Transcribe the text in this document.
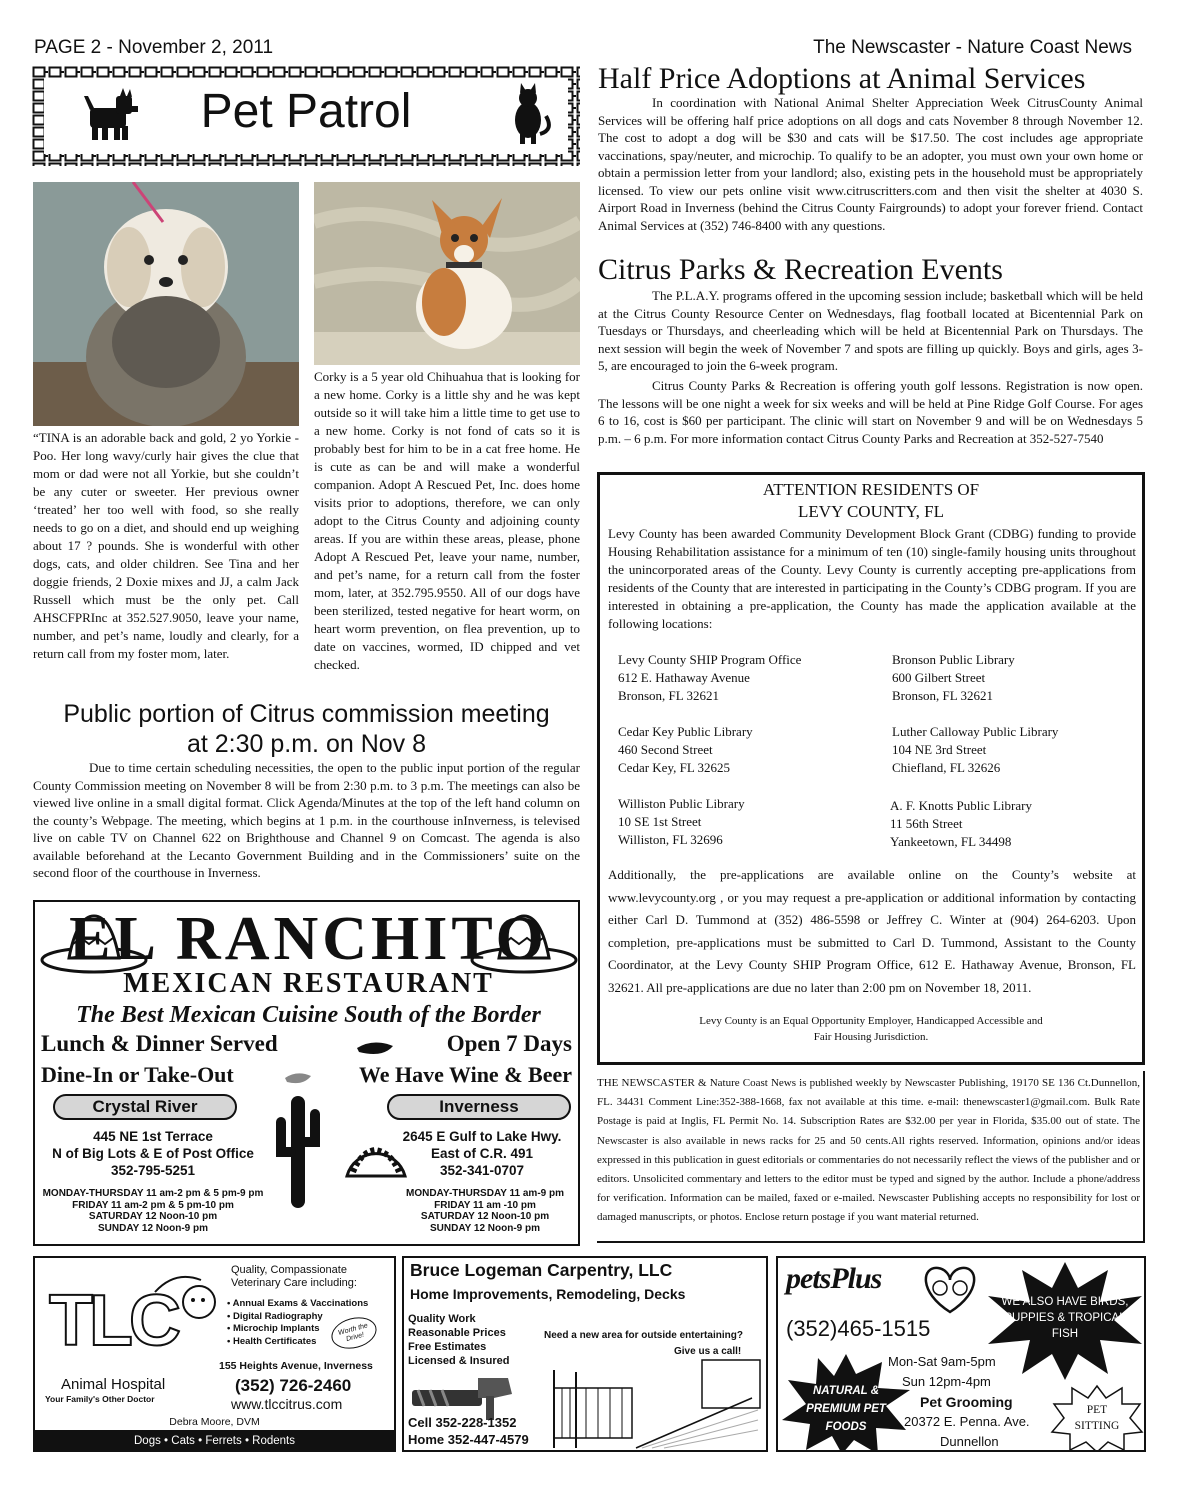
PAGE 2 - November 2, 2011	The Newscaster - Nature Coast News
Pet Patrol

“TINA is an adorable back and gold, 2 yo Yorkie -Poo. Her long wavy/curly hair gives the clue that mom or dad were not all Yorkie, but she couldn’t be any cuter or sweeter. Her previous owner ‘treated’ her too well with food, so she really needs to go on a diet, and should end up weighing about 17 ? pounds. She is wonderful with other dogs, cats, and older children. See Tina and her doggie friends, 2 Doxie mixes and JJ, a calm Jack Russell which must be the only pet. Call AHSCFPRInc at 352.527.9050, leave your name, number, and pet’s name, loudly and clearly, for a return call from my foster mom, later.

Corky is a 5 year old Chihuahua that is looking for a new home. Corky is a little shy and he was kept outside so it will take him a little time to get use to a new home. Corky is not fond of cats so it is probably best for him to be in a cat free home. He is cute as can be and will make a wonderful companion. Adopt A Rescued Pet, Inc. does home visits prior to adoptions, therefore, we can only adopt to the Citrus County and adjoining county areas. If you are within these areas, please, phone Adopt A Rescued Pet, leave your name, number, and pet’s name, for a return call from the foster mom, later, at 352.795.9550. All of our dogs have been sterilized, tested negative for heart worm, on heart worm prevention, on flea prevention, up to date on vaccines, wormed, ID chipped and vet checked.

Public portion of Citrus commission meeting
at 2:30 p.m. on Nov 8

Due to time certain scheduling necessities, the open to the public input portion of the regular County Commission meeting on November 8 will be from 2:30 p.m. to 3 p.m. The meetings can also be viewed live online in a small digital format. Click Agenda/Minutes at the top of the left hand column on the county’s Webpage. The meeting, which begins at 1 p.m. in the courthouse inInverness, is televised live on cable TV on Channel 622 on Brighthouse and Channel 9 on Comcast. The agenda is also available beforehand at the Lecanto Government Building and in the Commissioners’ suite on the second floor of the courthouse in Inverness.

EL RANCHITO
MEXICAN RESTAURANT
The Best Mexican Cuisine South of the Border
Lunch & Dinner Served	Open 7 Days
Dine-In or Take-Out	We Have Wine & Beer
Crystal River
445 NE 1st Terrace
N of Big Lots & E of Post Office
352-795-5251
MONDAY-THURSDAY 11 am-2 pm & 5 pm-9 pm
FRIDAY 11 am-2 pm & 5 pm-10 pm
SATURDAY 12 Noon-10 pm
SUNDAY 12 Noon-9 pm
Inverness
2645 E Gulf to Lake Hwy.
East of C.R. 491
352-341-0707
MONDAY-THURSDAY 11 am-9 pm
FRIDAY 11 am -10 pm
SATURDAY 12 Noon-10 pm
SUNDAY 12 Noon-9 pm
Half Price Adoptions at Animal Services

In coordination with National Animal Shelter Appreciation Week CitrusCounty Animal Services will be offering half price adoptions on all dogs and cats November 8 through November 12. The cost to adopt a dog will be $30 and cats will be $17.50. The cost includes age appropriate vaccinations, spay/neuter, and microchip. To qualify to be an adopter, you must own your own home or obtain a permission letter from your landlord; also, existing pets in the household must be appropriately licensed. To view our pets online visit www.citruscritters.com and then visit the shelter at 4030 S. Airport Road in Inverness (behind the Citrus County Fairgrounds) to adopt your forever friend. Contact Animal Services at (352) 746-8400 with any questions.

Citrus Parks & Recreation Events

The P.L.A.Y. programs offered in the upcoming session include; basketball which will be held at the Citrus County Resource Center on Wednesdays, flag football located at Bicentennial Park on Tuesdays or Thursdays, and cheerleading which will be held at Bicentennial Park on Thursdays. The next session will begin the week of November 7 and spots are filling up quickly. Boys and girls, ages 3-5, are encouraged to join the 6-week program.

Citrus County Parks & Recreation is offering youth golf lessons. Registration is now open. The lessons will be one night a week for six weeks and will be held at Pine Ridge Golf Course. For ages 6 to 16, cost is $60 per participant. The clinic will start on November 9 and will be on Wednesdays 5 p.m. – 6 p.m. For more information contact Citrus County Parks and Recreation at 352-527-7540

ATTENTION RESIDENTS OF
LEVY COUNTY, FL

Levy County has been awarded Community Development Block Grant (CDBG) funding to provide Housing Rehabilitation assistance for a minimum of ten (10) single-family housing units throughout the unincorporated areas of the County. Levy County is currently accepting pre-applications from residents of the County that are interested in participating in the County’s CDBG program. If you are interested in obtaining a pre-application, the County has made the application available at the following locations:

Levy County SHIP Program Office
612 E. Hathaway Avenue
Bronson, FL 32621
Bronson Public Library
600 Gilbert Street
Bronson, FL 32621
Cedar Key Public Library
460 Second Street
Cedar Key, FL 32625
Luther Calloway Public Library
104 NE 3rd Street
Chiefland, FL 32626
Williston Public Library
10 SE 1st Street
Williston, FL 32696
A. F. Knotts Public Library
11 56th Street
Yankeetown, FL 34498

Additionally, the pre-applications are available online on the County’s website at www.levycounty.org , or you may request a pre-application or additional information by contacting either Carl D. Tummond at (352) 486-5598 or Jeffrey C. Winter at (904) 264-6203. Upon completion, pre-applications must be submitted to Carl D. Tummond, Assistant to the County Coordinator, at the Levy County SHIP Program Office, 612 E. Hathaway Avenue, Bronson, FL 32621. All pre-applications are due no later than 2:00 pm on November 18, 2011.

Levy County is an Equal Opportunity Employer, Handicapped Accessible and
Fair Housing Jurisdiction.

THE NEWSCASTER & Nature Coast News is published weekly by Newscaster Publishing, 19170 SE 136 Ct.Dunnellon, FL. 34431 Comment Line:352-388-1668, fax not available at this time. e-mail: thenewscaster1@gmail.com. Bulk Rate Postage is paid at Inglis, FL Permit No. 14. Subscription Rates are $32.00 per year in Florida, $35.00 out of state. The Newscaster is also available in news racks for 25 and 50 cents.All rights reserved. Information, opinions and/or ideas expressed in this publication in guest editorials or commentaries do not necessarily reflect the views of the publisher and or editors. Unsolicited commentary and letters to the editor must be typed and signed by the author. Include a phone/address for verification. Information can be mailed, faxed or e-mailed. Newscaster Publishing accepts no responsibility for lost or damaged manuscripts, or photos. Enclose return postage if you want material returned.

TLC
Animal Hospital
Your Family's Other Doctor
Quality, Compassionate
Veterinary Care including:
• Annual Exams & Vaccinations
• Digital Radiography
• Microchip Implants
• Health Certificates
Worth the Drive!
155 Heights Avenue, Inverness
(352) 726-2460
www.tlccitrus.com
Debra Moore, DVM
Dogs • Cats • Ferrets • Rodents
Bruce Logeman Carpentry, LLC
Home Improvements, Remodeling, Decks
Quality Work
Reasonable Prices
Free Estimates
Licensed & Insured
Need a new area for outside entertaining?
Give us a call!
Cell 352-228-1352
Home 352-447-4579
petsPlus
(352)465-1515
WE ALSO HAVE BIRDS, PUPPIES & TROPICAL FISH
Mon-Sat 9am-5pm
Sun 12pm-4pm
Pet Grooming
20372 E. Penna. Ave.
Dunnellon
NATURAL & PREMIUM PET FOODS
PET SITTING
